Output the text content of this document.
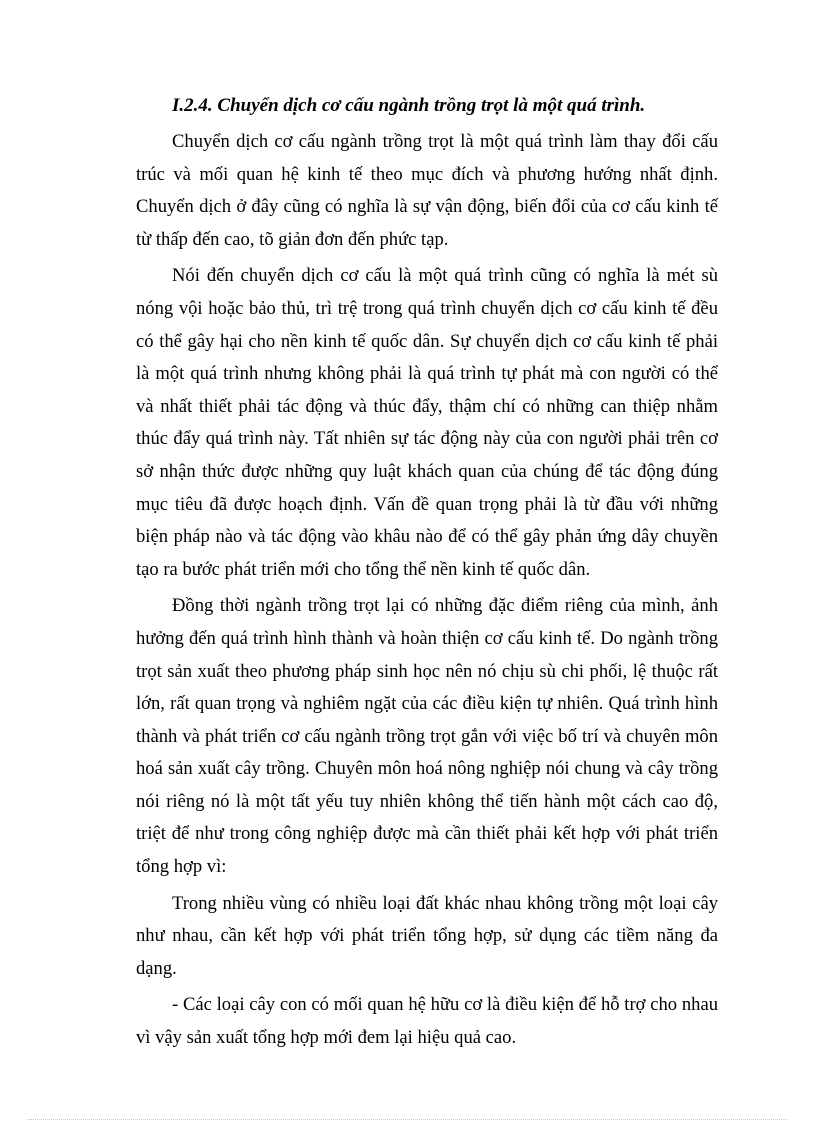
I.2.4. Chuyển dịch cơ cấu ngành trồng trọt là một quá trình.

Chuyển dịch cơ cấu ngành trồng trọt là một quá trình làm thay đổi cấu trúc và mối quan hệ kinh tế theo mục đích và phương hướng nhất định. Chuyển dịch ở đây cũng có nghĩa là sự vận động, biến đổi của cơ cấu kinh tế từ thấp đến cao, tõ giản đơn đến phức tạp.

Nói đến chuyển dịch cơ cấu là một quá trình cũng có nghĩa là mét sù nóng vội hoặc bảo thủ, trì trệ trong quá trình chuyển dịch cơ cấu kinh tế đều có thể gây hại cho nền kinh tế quốc dân. Sự chuyển dịch cơ cấu kinh tế phải là một quá trình nhưng không phải là quá trình tự phát mà con người có thể và nhất thiết phải tác động và thúc đẩy, thậm chí có những can thiệp nhằm thúc đẩy quá trình này. Tất nhiên sự tác động này của con người phải trên cơ sở nhận thức được những quy luật khách quan của chúng để tác động đúng mục tiêu đã được hoạch định. Vấn đề quan trọng phải là từ đầu với những biện pháp nào và tác động vào khâu nào để có thể gây phản ứng dây chuyền tạo ra bước phát triển mới cho tổng thể nền kinh tế quốc dân.

Đồng thời ngành trồng trọt lại có những đặc điểm riêng của mình, ảnh hưởng đến quá trình hình thành và hoàn thiện cơ cấu kinh tế. Do ngành trồng trọt sản xuất theo phương pháp sinh học nên nó chịu sù chi phối, lệ thuộc rất lớn, rất quan trọng và nghiêm ngặt của các điều kiện tự nhiên. Quá trình hình thành và phát triển cơ cấu ngành trồng trọt gắn với việc bố trí và chuyên môn hoá sản xuất cây trồng. Chuyên môn hoá nông nghiệp nói chung và cây trồng nói riêng nó là một tất yếu tuy nhiên không thể tiến hành một cách cao độ, triệt để như trong công nghiệp được mà cần thiết phải kết hợp với phát triển tổng hợp vì:

Trong nhiều vùng có nhiều loại đất khác nhau không trồng một loại cây như nhau, cần kết hợp với phát triển tổng hợp, sử dụng các tiềm năng đa dạng.

- Các loại cây con có mối quan hệ hữu cơ là điều kiện để hỗ trợ cho nhau vì vậy sản xuất tổng hợp mới đem lại hiệu quả cao.
